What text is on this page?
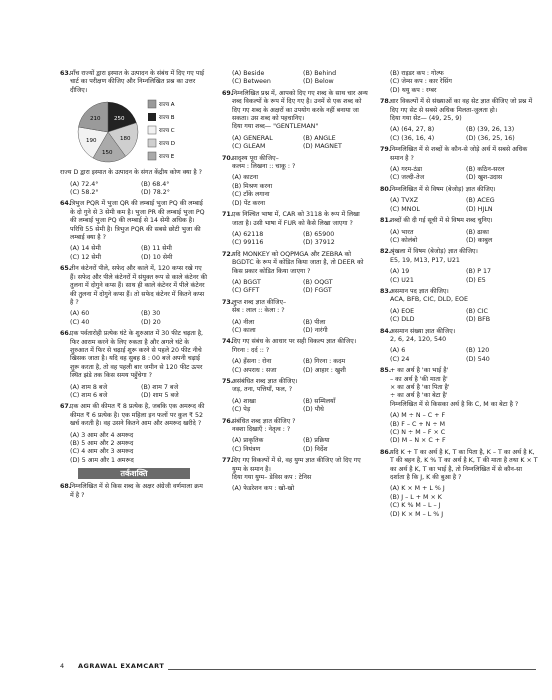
63.
पाँच राज्यों द्वारा इस्पात के उत्पादन के संबंध में दिए गए पाई चार्ट का परीक्षण कीजिए और निम्नलिखित प्रश्न का उत्तर दीजिए।
210 250
190	180
150
राज्य A
राज्य B
राज्य C
राज्य D
राज्य E
राज्य D द्वारा इस्पात के उत्पादन के संगत केंद्रीय कोण क्या है ?
(A) 72.4°	(B) 68.4°
(C) 58.2°	(D) 78.2°
64.
त्रिभुज PQR में भुजा QR की लम्बाई भुजा PQ की लम्बाई के दो गुने से 3 सेमी कम है। भुजा PR की लम्बाई भुजा PQ की लम्बाई भुजा PQ की लम्बाई से 14 सेमी अधिक है। परिधि 55 सेमी है। त्रिभुज PQR की सबसे छोटी भुजा की लम्बाई क्या है ?
(A) 14 सेमी	(B) 11 सेमी
(C) 12 सेमी	(D) 10 सेमी
65.
तीन कंटेनरों पीले, सफेद और काले में, 120 कप्स रखे गए हैं। सफेद और पीले कंटेनरों में संयुक्त रूप से काले कंटेनर की तुलना में दोगुने कप्स हैं। साथ ही काले कंटेनर में पीले कंटेनर की तुलना में दोगुने कप्स हैं। तो सफेद कंटेनर में कितने कप्स है ?
(A) 60	(B) 30
(C) 40	(D) 20
66.
एक पर्वतारोही प्रत्येक घंटे के शुरुआत में 30 फीट चढ़ता है, फिर आराम करने के लिए रुकता है और अगले घंटे के शुरुआत में फिर से चढ़ाई शुरू करने से पहले 20 फीट नीचे खिसक जाता है। यदि वह सुबह 8 : 00 बजे अपनी चढ़ाई शुरू करता है, तो वह पहली बार जमीन से 120 फीट ऊपर स्थित झंडे तक किस समय पहुँचेगा ?
(A) शाम 8 बजे	(B) शाम 7 बजे
(C) शाम 6 बजे	(D) शाम 5 बजे
67.
एक आम की कीमत ₹ 8 प्रत्येक है, जबकि एक अमरूद की कीमत ₹ 6 प्रत्येक है। एक महिला इन फलों पर कुल ₹ 52 खर्च करती है। वह उसने कितने आम और अमरूद खरीदे ?
(A) 3 आम और 4 अमरूद
(B) 5 आम और 2 अमरूद
(C) 4 आम और 3 अमरूद
(D) 5 आम और 1 अमरूद
तर्कशक्ति
68.
निम्नलिखित में से किस शब्द के अक्षर अंग्रेजी वर्णमाला क्रम में है ?
(A) Beside	(B) Behind
(C) Between	(D) Below
69.
निम्नलिखित प्रश्न में, आपको दिए गए शब्द के साथ चार अन्य शब्द विकल्पों के रूप में दिए गए है। उनमें से एक शब्द को दिए गए शब्द के अक्षरों का उपयोग करके नहीं बनाया जा सकता। उस शब्द को पहचानिए।
दिया गया शब्द— "GENTLEMAN"
(A) GENERAL	(B) ANGLE
(C) GLEAM	(D) MAGNET
70.
सादृश्य पूरा कीजिए–
कलम : लिखना :: चाकू : ?
(A) काटना
(B) मिश्रण करना
(C) टाँके लगाना
(D) पेंट करना
71.
एक निश्चित भाषा में, CAR को 3118 के रूप में लिखा जाता है। उसी भाषा में FUR को कैसे लिखा जाएगा ?
(A) 62118	(B) 65900
(C) 99116	(D) 37912
72.
यदि MONKEY को OQPMGA और ZEBRA को BGDTC के रूप में कोडित किया जाता है, तो DEER को किस प्रकार कोडित किया जाएगा ?
(A) BGGT	(B) OQGT
(C) GFFT	(D) FGGT
73.
लुप्त शब्द ज्ञात कीजिए–
सेब : लाल :: केला : ?
(A) नीला	(B) पीला
(C) काला	(D) नारंगी
74.
दिए गए संबंध के आधार पर सही विकल्प ज्ञात कीजिए।
गिरना : दर्द :: ?
(A) हँसना : रोना	(B) गिरना : कदम
(C) अपराध : सजा	(D) आहार : खुशी
75.
असंबंधित शब्द ज्ञात कीजिए।
जड़, तना, पत्तियाँ, फल, ?
(A) शाखा	(B) सम्मिलयाँ
(C) पेड़	(D) पौधे
76.
संबंधित शब्द ज्ञात कीजिए ?
नक्शा दिखाएँ : नेतृत्व : ?
(A) प्राकृतिक	(B) प्रक्रिया
(C) नियंत्रण	(D) निर्देश
77.
दिए गए विकल्पों में से, वह युग्म ज्ञात कीजिए जो दिए गए युग्म के समान है।
दिया गया युग्म– डेविस कप : टेनिस
(A) फेडरेशन कप : खो-खो
(B) राइडर कप : गोल्फ
(C) जेम्स कप : कार रेसिंग
(D) थयु कप : रग्बर
78.
चार विकल्पों में से संख्याओं का वह सेट ज्ञात कीजिए जो प्रश्न में दिए गए सेट से सबसे अधिक मिलता-जुलता हो।
दिया गया सेट— (49, 25, 9)
(A) (64, 27, 8)	(B) (39, 26, 13)
(C) (36, 16, 4)	(D) (36, 25, 16)
79.
निम्नलिखित में से शब्दों के कौन-से जोड़े अर्थ में सबसे अधिक समान है ?
(A) गरम-ठंडा	(B) कठिन-सरल
(C) जल्दी-तेज	(D) खुश-उदास
80.
निम्नलिखित में से विषम (बेजोड़) ज्ञात कीजिए।
(A) TVXZ	(B) ACEG
(C) MNOL	(D) HJLN
81.
शब्दों की दी गई सूची में से विषम शब्द चुनिए।
(A) भारत	(B) ढाका
(C) कोलंबो	(D) काबुल
82.
श्रृंखला में विषम (बेजोड़) ज्ञात कीजिए।
E5, 19, M13, P17, U21
(A) 19	(B) P 17
(C) U21	(D) E5
83.
असमान पद ज्ञात कीजिए।
ACA, BFB, CIC, DLD, EOE
(A) EOE	(B) CIC
(C) DLD	(D) BFB
84.
असमान संख्या ज्ञात कीजिए।
2, 6, 24, 120, 540
(A) 6	(B) 120
(C) 24	(D) 540
85.
+ का अर्थ है 'का भाई है'
– का अर्थ है 'की माता है'
× का अर्थ है 'का पिता है'
÷ का अर्थ है 'का बेटा है'
निम्नलिखित में से किसका अर्थ है कि C, M का बेटा है ?
(A) M ÷ N – C + F
(B) F – C + N ÷ M
(C) N ÷ M – F × C
(D) M – N × C + F
86.
यदि K + T का अर्थ है K, T का पिता है, K – T का अर्थ है K, T की बहन है, K % T का अर्थ है K, T की माता है तथा K × T का अर्थ है K, T का भाई है, तो निम्नलिखित में से कौन-सा दर्शाता है कि J, K की बुआ है ?
(A) K × M + L % J
(B) J – L + M × K
(C) K % M – L – J
(D) K × M – L % J
4	AGRAWAL EXAMCART
